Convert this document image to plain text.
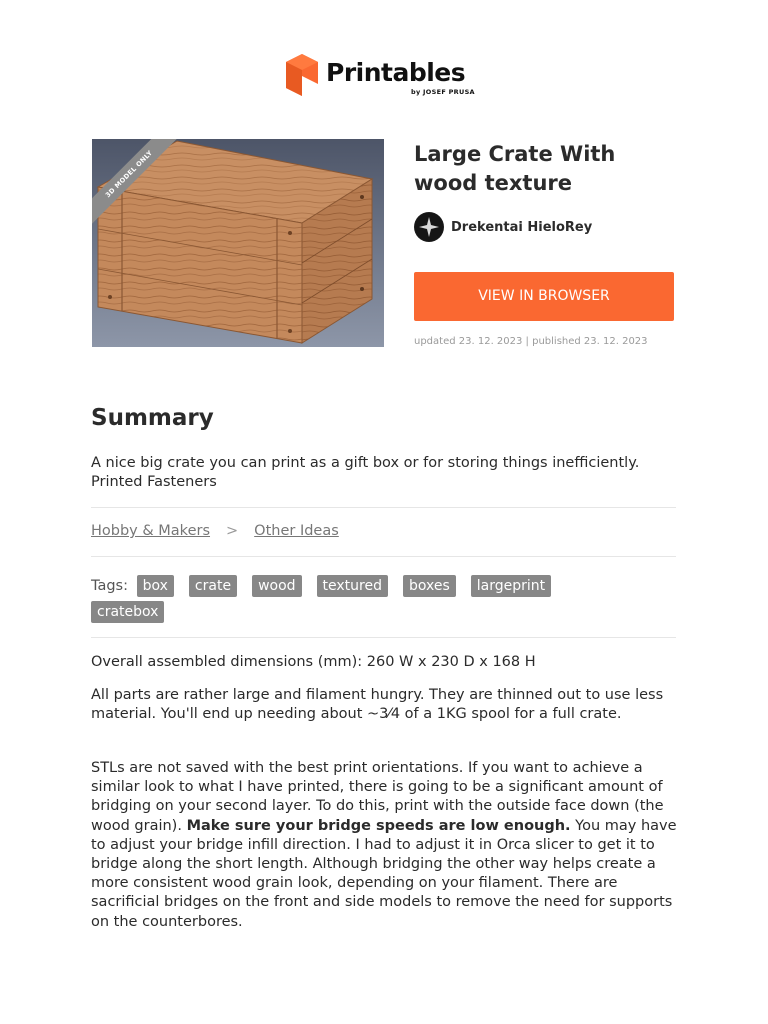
Printables
by JOSEF PRUSA
3D MODEL ONLY	Large Crate With wood texture
Drekentai HieloRey
VIEW IN BROWSER
updated 23. 12. 2023 | published 23. 12. 2023
Summary
A nice big crate you can print as a gift box or for storing things inefficiently. Printed Fasteners
Hobby & Makers > Other Ideas
Tags: box crate wood textured boxes largeprint
cratebox
Overall assembled dimensions (mm): 260 W x 230 D x 168 H
All parts are rather large and filament hungry. They are thinned out to use less material. You'll end up needing about ~3⁄4 of a 1KG spool for a full crate.
STLs are not saved with the best print orientations. If you want to achieve a similar look to what I have printed, there is going to be a significant amount of bridging on your second layer. To do this, print with the outside face down (the wood grain). Make sure your bridge speeds are low enough. You may have to adjust your bridge infill direction. I had to adjust it in Orca slicer to get it to bridge along the short length. Although bridging the other way helps create a more consistent wood grain look, depending on your filament. There are sacrificial bridges on the front and side models to remove the need for supports on the counterbores.
